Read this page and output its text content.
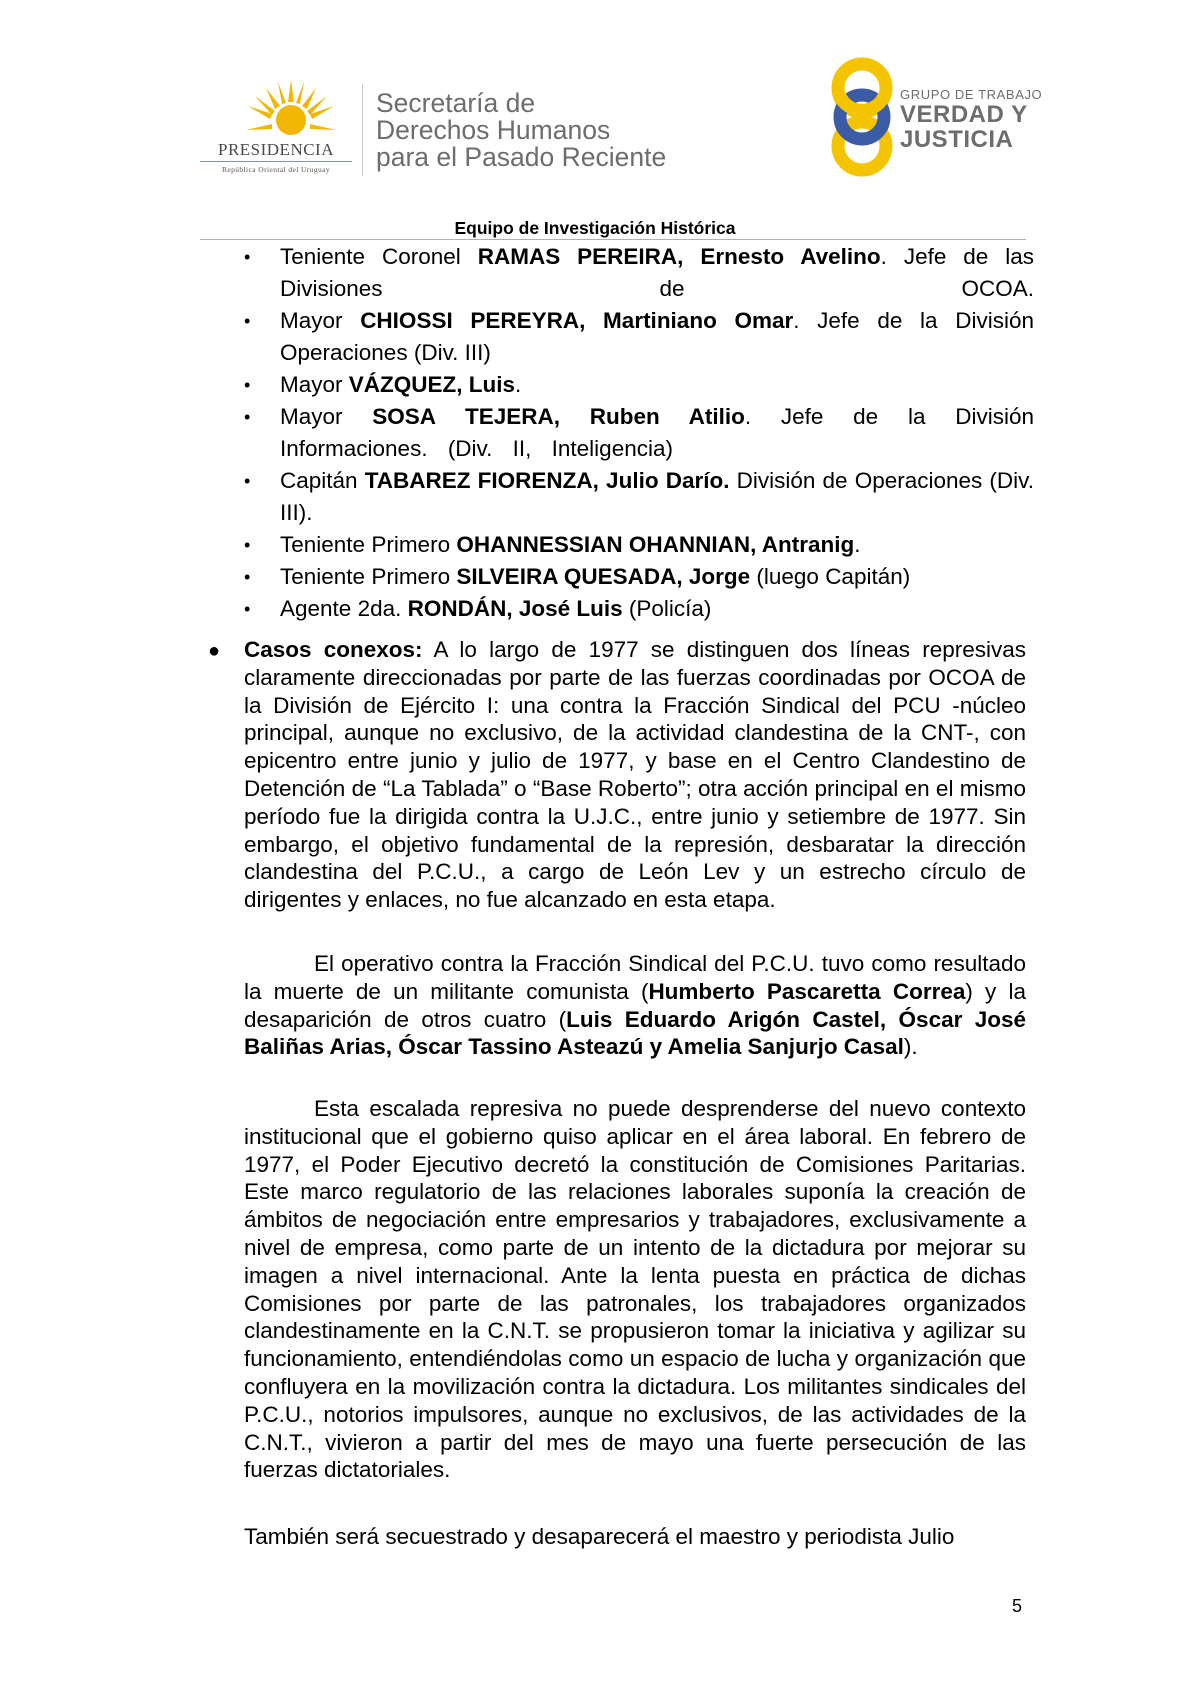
PRESIDENCIA
República Oriental del Uruguay
Secretaría de
Derechos Humanos
para el Pasado Reciente
GRUPO DE TRABAJO
VERDAD Y
JUSTICIA
Equipo de Investigación Histórica
• Teniente Coronel RAMAS PEREIRA, Ernesto Avelino. Jefe de las Divisiones de OCOA.
• Mayor CHIOSSI PEREYRA, Martiniano Omar. Jefe de la División Operaciones (Div. III)
• Mayor VÁZQUEZ, Luis.
• Mayor SOSA TEJERA, Ruben Atilio. Jefe de la División Informaciones. (Div. II, Inteligencia)
• Capitán TABAREZ FIORENZA, Julio Darío. División de Operaciones (Div. III).
• Teniente Primero OHANNESSIAN OHANNIAN, Antranig.
• Teniente Primero SILVEIRA QUESADA, Jorge (luego Capitán)
• Agente 2da. RONDÁN, José Luis (Policía)
● Casos conexos: A lo largo de 1977 se distinguen dos líneas represivas claramente direccionadas por parte de las fuerzas coordinadas por OCOA de la División de Ejército I: una contra la Fracción Sindical del PCU -núcleo principal, aunque no exclusivo, de la actividad clandestina de la CNT-, con epicentro entre junio y julio de 1977, y base en el Centro Clandestino de Detención de “La Tablada” o “Base Roberto”; otra acción principal en el mismo período fue la dirigida contra la U.J.C., entre junio y setiembre de 1977. Sin embargo, el objetivo fundamental de la represión, desbaratar la dirección clandestina del P.C.U., a cargo de León Lev y un estrecho círculo de dirigentes y enlaces, no fue alcanzado en esta etapa.
El operativo contra la Fracción Sindical del P.C.U. tuvo como resultado la muerte de un militante comunista (Humberto Pascaretta Correa) y la desaparición de otros cuatro (Luis Eduardo Arigón Castel, Óscar José Baliñas Arias, Óscar Tassino Asteazú y Amelia Sanjurjo Casal).
Esta escalada represiva no puede desprenderse del nuevo contexto institucional que el gobierno quiso aplicar en el área laboral. En febrero de 1977, el Poder Ejecutivo decretó la constitución de Comisiones Paritarias. Este marco regulatorio de las relaciones laborales suponía la creación de ámbitos de negociación entre empresarios y trabajadores, exclusivamente a nivel de empresa, como parte de un intento de la dictadura por mejorar su imagen a nivel internacional. Ante la lenta puesta en práctica de dichas Comisiones por parte de las patronales, los trabajadores organizados clandestinamente en la C.N.T. se propusieron tomar la iniciativa y agilizar su funcionamiento, entendiéndolas como un espacio de lucha y organización que confluyera en la movilización contra la dictadura. Los militantes sindicales del P.C.U., notorios impulsores, aunque no exclusivos, de las actividades de la C.N.T., vivieron a partir del mes de mayo una fuerte persecución de las fuerzas dictatoriales.
También será secuestrado y desaparecerá el maestro y periodista Julio
5
